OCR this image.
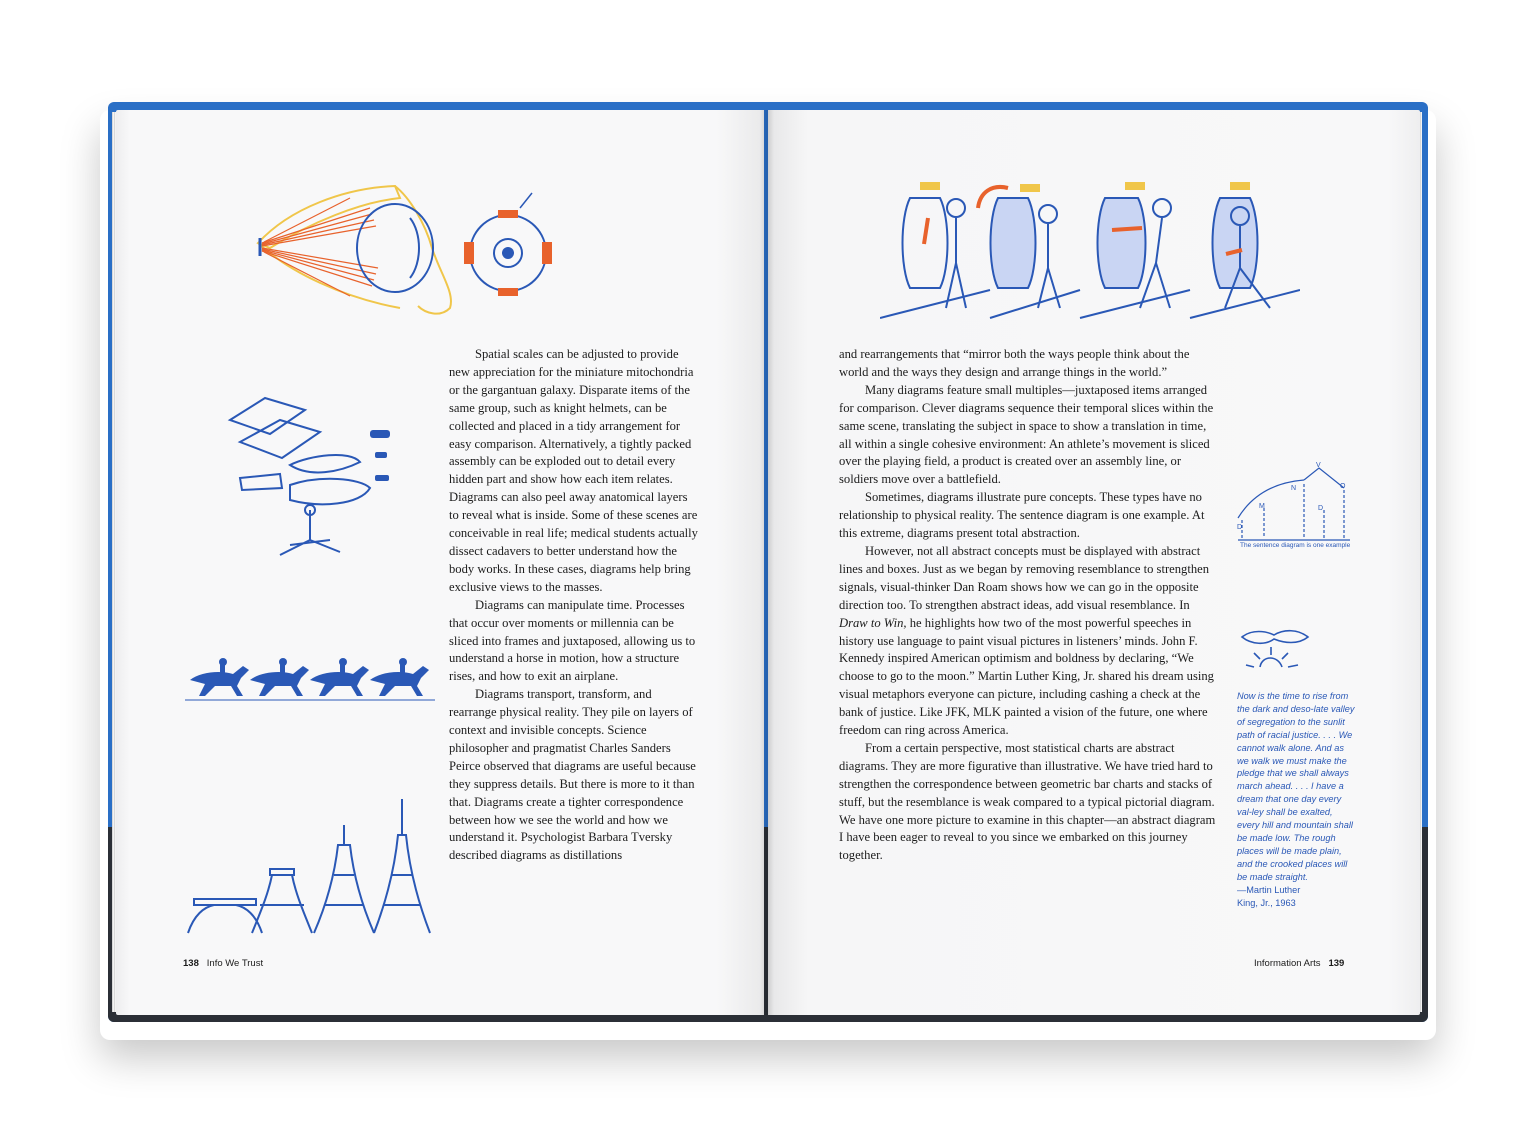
D
M
N
V
D
O
The sentence diagram is one example

Spatial scales can be adjusted to provide new appreciation for the miniature mitochondria or the gargantuan galaxy. Disparate items of the same group, such as knight helmets, can be collected and placed in a tidy arrangement for easy comparison. Alternatively, a tightly packed assembly can be exploded out to detail every hidden part and show how each item relates. Diagrams can also peel away anatomical layers to reveal what is inside. Some of these scenes are conceivable in real life; medical students actually dissect cadavers to better understand how the body works. In these cases, diagrams help bring exclusive views to the masses.

Diagrams can manipulate time. Processes that occur over moments or millennia can be sliced into frames and juxtaposed, allowing us to understand a horse in motion, how a structure rises, and how to exit an airplane.

Diagrams transport, transform, and rearrange physical reality. They pile on layers of context and invisible concepts. Science philosopher and pragmatist Charles Sanders Peirce observed that diagrams are useful because they suppress details. But there is more to it than that. Diagrams create a tighter correspondence between how we see the world and how we understand it. Psychologist Barbara Tversky described diagrams as distillations

and rearrangements that “mirror both the ways people think about the world and the ways they design and arrange things in the world.”

Many diagrams feature small multiples—juxtaposed items arranged for comparison. Clever diagrams sequence their temporal slices within the same scene, translating the subject in space to show a translation in time, all within a single cohesive environment: An athlete’s movement is sliced over the playing field, a product is created over an assembly line, or soldiers move over a battlefield.

Sometimes, diagrams illustrate pure concepts. These types have no relationship to physical reality. The sentence diagram is one example. At this extreme, diagrams present total abstraction.

However, not all abstract concepts must be displayed with abstract lines and boxes. Just as we began by removing resemblance to strengthen signals, visual-thinker Dan Roam shows how we can go in the opposite direction too. To strengthen abstract ideas, add visual resemblance. In

Draw to Win, he highlights how two of the most powerful speeches in history use language to paint visual pictures in listeners’ minds. John F. Kennedy inspired American optimism and boldness by declaring, “We choose to go to the moon.” Martin Luther King, Jr. shared his dream using visual metaphors everyone can picture, including cashing a check at the bank of justice. Like JFK, MLK painted a vision of the future, one where freedom can ring across America.

From a certain perspective, most statistical charts are abstract diagrams. They are more figurative than illustrative. We have tried hard to strengthen the correspondence between geometric bar charts and stacks of stuff, but the resemblance is weak compared to a typical pictorial diagram. We have one more picture to examine in this chapter—an abstract diagram I have been eager to reveal to you since we embarked on this journey together.

Now is the time to rise from the dark and deso-late valley of segregation to the sunlit path of racial justice. . . . We cannot walk alone. And as we walk we must make the pledge that we shall always march ahead. . . . I have a dream that one day every val-ley shall be exalted, every hill and mountain shall be made low. The rough places will be made plain, and the crooked places will be made straight.
—Martin Luther
King, Jr., 1963
138 Info We Trust	Information Arts 139
